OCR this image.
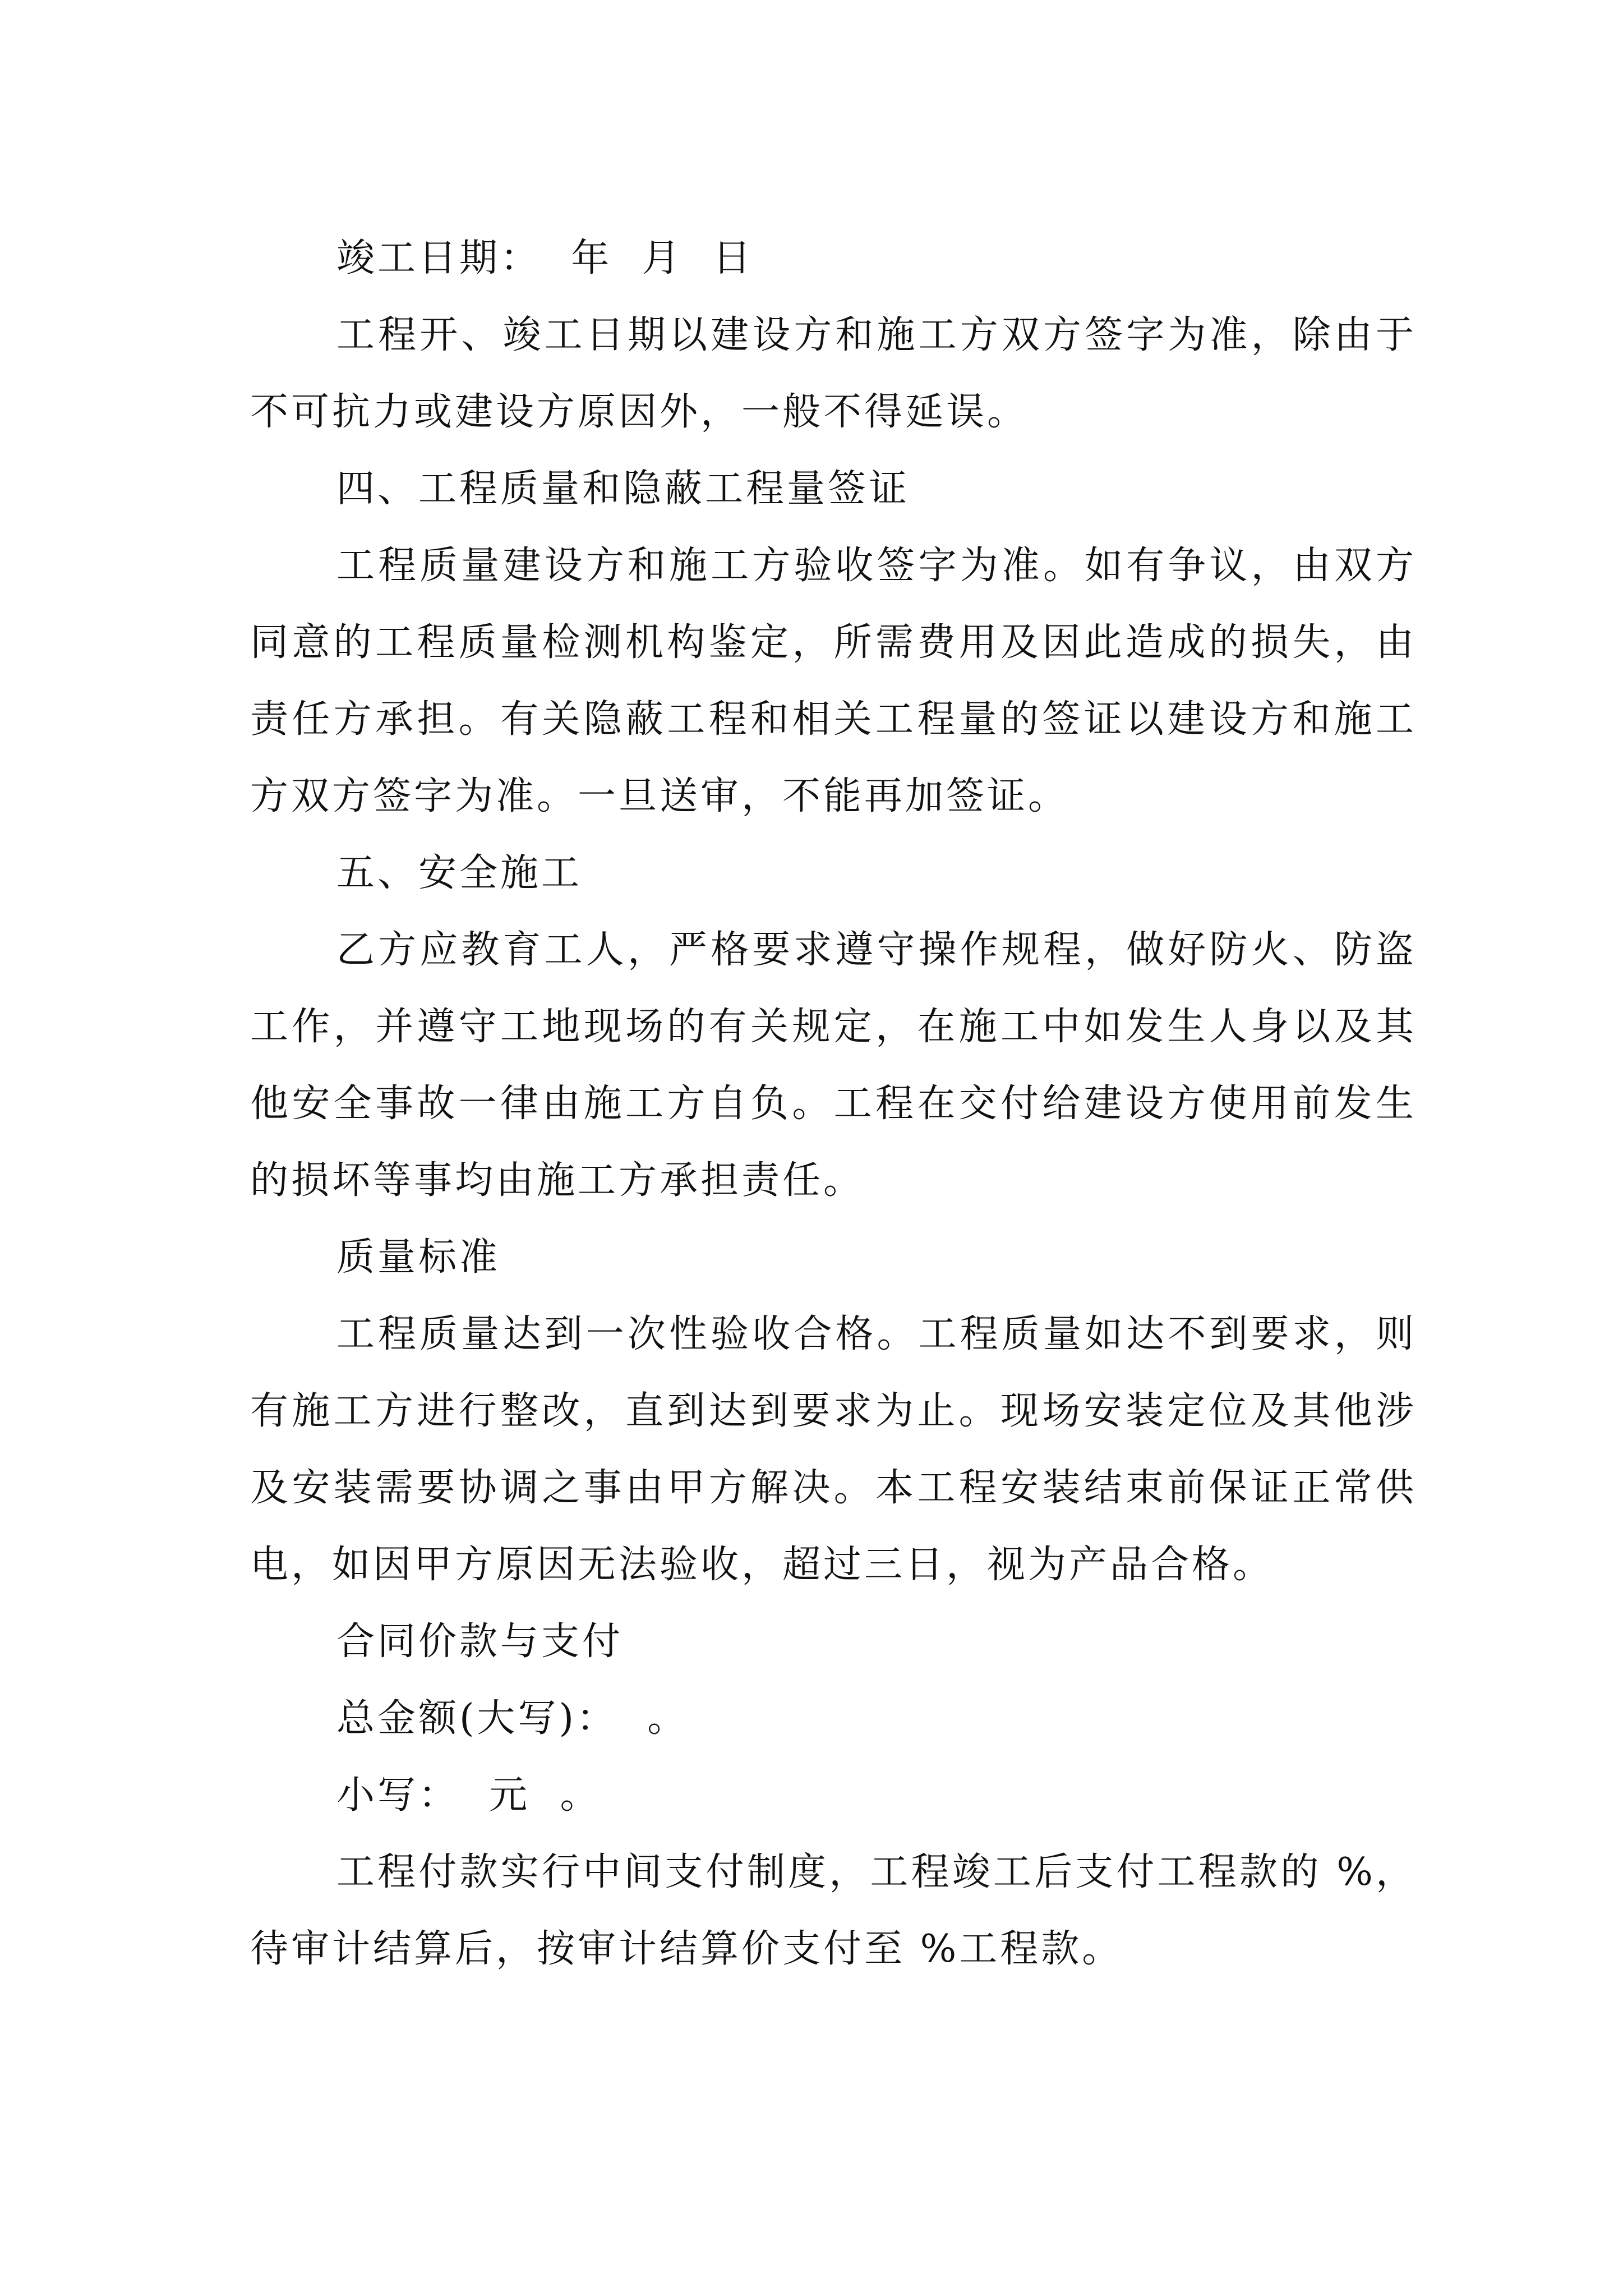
竣工日期：  年  月  日

工程开、竣工日期以建设方和施工方双方签字为准，除由于不可抗力或建设方原因外，一般不得延误。

四、工程质量和隐蔽工程量签证

工程质量建设方和施工方验收签字为准。如有争议，由双方同意的工程质量检测机构鉴定，所需费用及因此造成的损失，由责任方承担。有关隐蔽工程和相关工程量的签证以建设方和施工方双方签字为准。一旦送审，不能再加签证。

五、安全施工

乙方应教育工人，严格要求遵守操作规程，做好防火、防盗工作，并遵守工地现场的有关规定，在施工中如发生人身以及其他安全事故一律由施工方自负。工程在交付给建设方使用前发生的损坏等事均由施工方承担责任。

质量标准

工程质量达到一次性验收合格。工程质量如达不到要求，则有施工方进行整改，直到达到要求为止。现场安装定位及其他涉及安装需要协调之事由甲方解决。本工程安装结束前保证正常供电，如因甲方原因无法验收，超过三日，视为产品合格。

合同价款与支付

总金额(大写)：  。

小写：  元  。

工程付款实行中间支付制度，工程竣工后支付工程款的 %，待审计结算后，按审计结算价支付至 %工程款。
